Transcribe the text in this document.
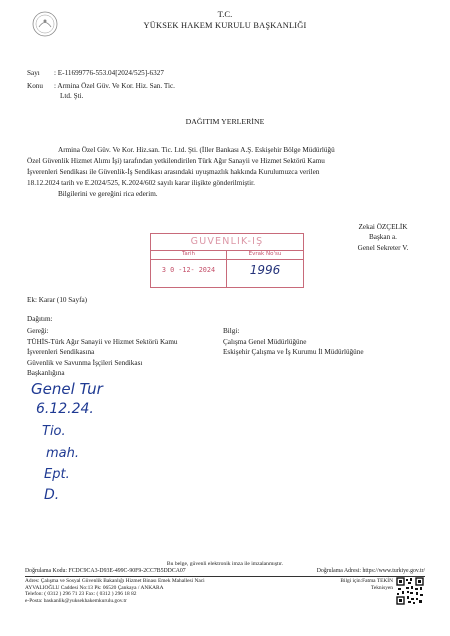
T.C.
YÜKSEK HAKEM KURULU BAŞKANLIĞI
Sayı : E-11699776-553.04[2024/525]-6327
Konu : Armina Özel Güv. Ve Kor. Hiz. San. Tic.
Ltd. Şti.
DAĞITIM YERLERİNE
Armina Özel Güv. Ve Kor. Hiz.san. Tic. Ltd. Şti. (İller Bankası A.Ş. Eskişehir Bölge Müdürlüğü
Özel Güvenlik Hizmet Alımı İşi) tarafından yetkilendirilen Türk Ağır Sanayii ve Hizmet Sektörü Kamu
İşverenleri Sendikası ile Güvenlik-İş Sendikası arasındaki uyuşmazlık hakkında Kurulumuzca verilen
18.12.2024 tarih ve E.2024/525, K.2024/602 sayılı karar ilişikte gönderilmiştir.
Bilgilerini ve gereğini rica ederim.
Zekai ÖZÇELİK
Başkan a.
Genel Sekreter V.
GÜVENLİK-İŞ
Tarih	Evrak No'su
3 0 -12- 2024	1996
Ek: Karar (10 Sayfa)
Dağıtım:
Gereği:
TÜHİS-Türk Ağır Sanayii ve Hizmet Sektörü Kamu
İşverenleri Sendikasına
Güvenlik ve Savunma İşçileri Sendikası
Başkanlığına
Bilgi:
Çalışma Genel Müdürlüğüne
Eskişehir Çalışma ve İş Kurumu İl Müdürlüğüne
Genel Tur
6.12.24.
Tio.
mah.
Ept.
D.
Bu belge, güvenli elektronik imza ile imzalanmıştır.
Doğrulama Kodu: FCDC9CA3-D93E-499C-90F9-2CC7B5DDCA07	Doğrulama Adresi: https://www.turkiye.gov.tr/
Adres: Çalışma ve Sosyal Güvenlik Bakanlığı Hizmet Binası Emek Mahallesi Naci
AYVALIOĞLU Caddesi No:13 Pk: 06520 Çankaya / ANKARA
Telefon: ( 0312 ) 296 71 23 Fax: ( 0312 ) 296 18 82
e-Posta: baskanlik@yuksekhakemkurulu.gov.tr
Bilgi için:Fatma TEKİN
Teknisyen
